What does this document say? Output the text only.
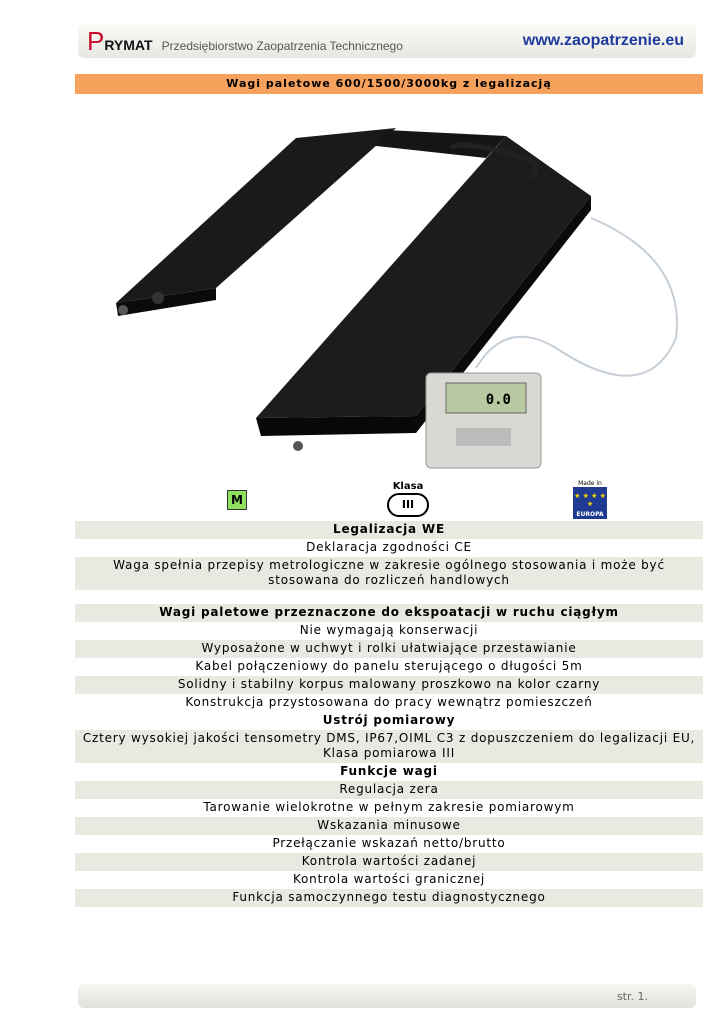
PRYMAT Przedsiębiorstwo Zaopatrzenia Technicznego	www.zaopatrzenie.eu
Wagi paletowe 600/1500/3000kg z legalizacją
0.0
M
Klasa
III
Made in
★ ★ ★ ★ ★
EUROPA
Legalizacja WE
Deklaracja zgodności CE
Waga spełnia przepisy metrologiczne w zakresie ogólnego stosowania i może być stosowana do rozliczeń handlowych
Wagi paletowe przeznaczone do ekspoatacji w ruchu ciągłym
Nie wymagają konserwacji
Wyposażone w uchwyt i rolki ułatwiające przestawianie
Kabel połączeniowy do panelu sterującego o długości 5m
Solidny i stabilny korpus malowany proszkowo na kolor czarny
Konstrukcja przystosowana do pracy wewnątrz pomieszczeń
Ustrój pomiarowy
Cztery wysokiej jakości tensometry DMS, IP67,OIML C3 z dopuszczeniem do legalizacji EU, Klasa pomiarowa III
Funkcje wagi
Regulacja zera
Tarowanie wielokrotne w pełnym zakresie pomiarowym
Wskazania minusowe
Przełączanie wskazań netto/brutto
Kontrola wartości zadanej
Kontrola wartości granicznej
Funkcja samoczynnego testu diagnostycznego
str. 1.
